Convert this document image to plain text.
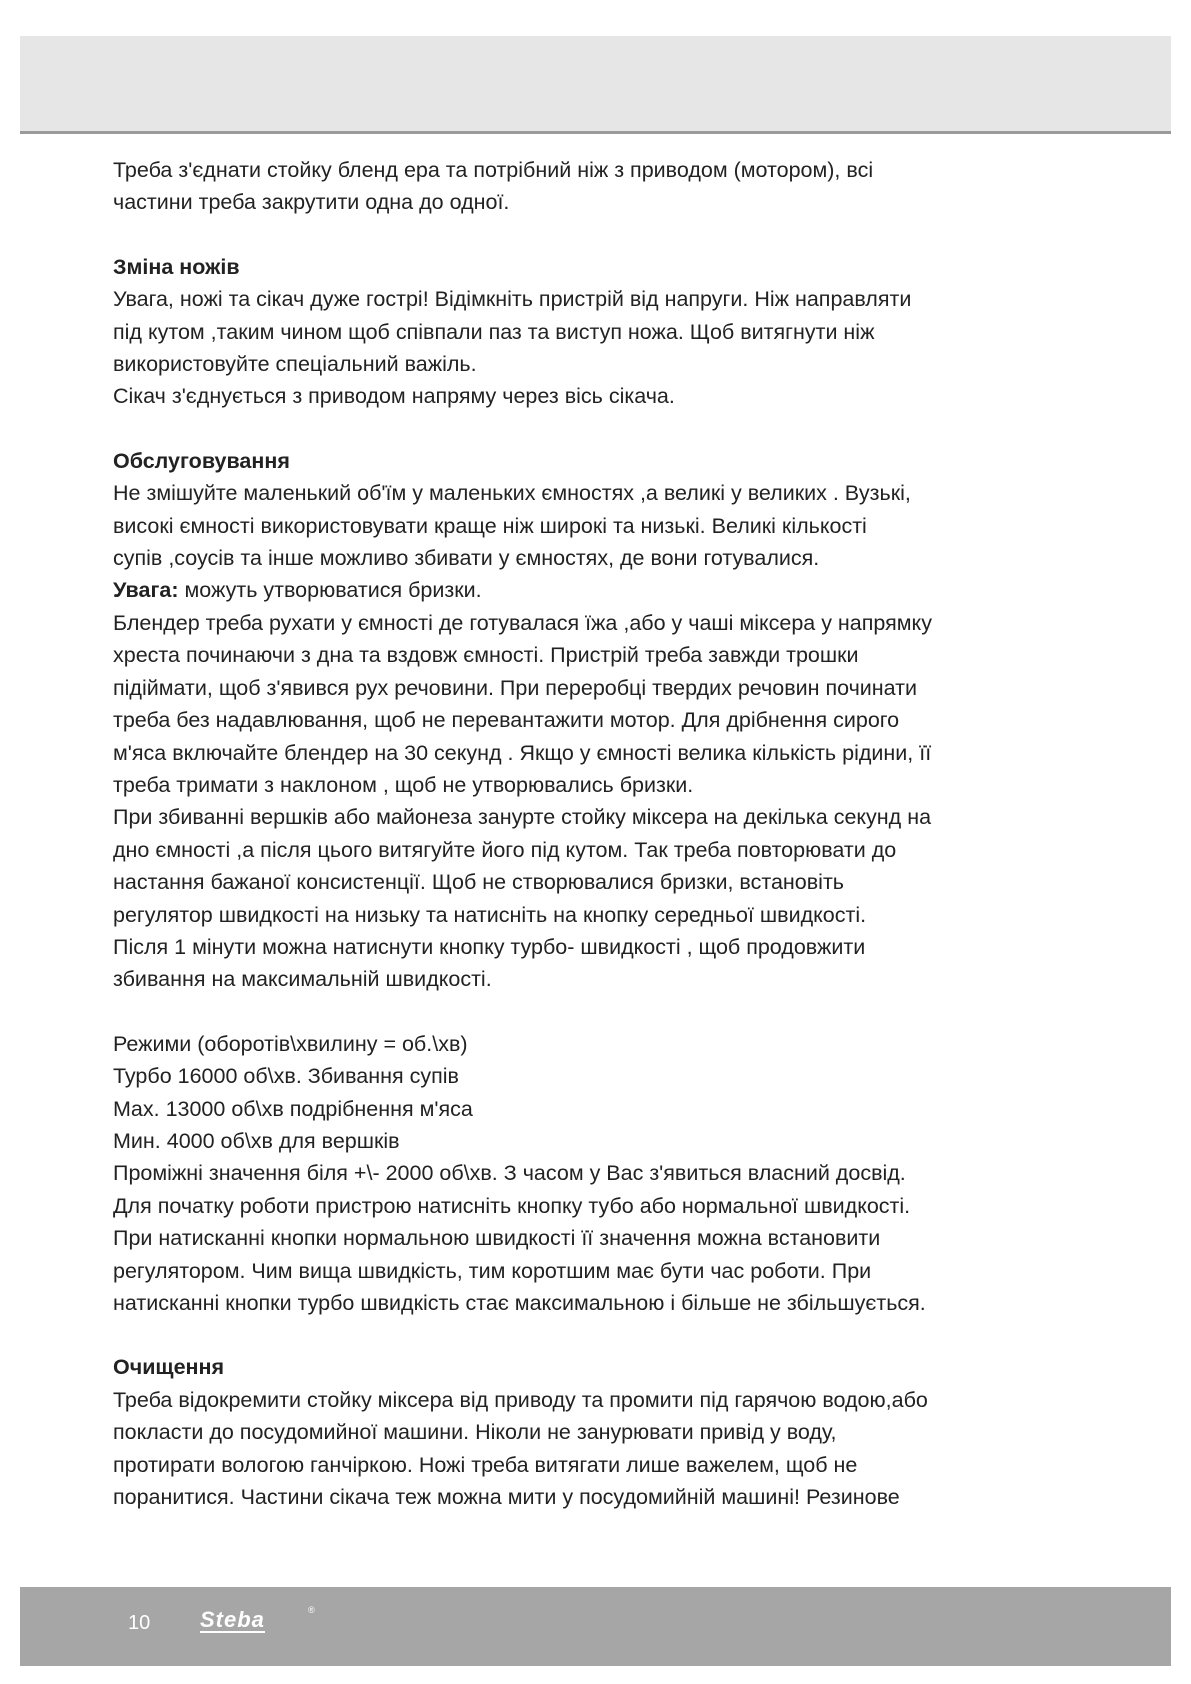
Треба з'єднати стойку бленд ера та потрібний ніж з приводом (мотором), всі

частини треба закрутити одна до одної.

Зміна ножів

Увага, ножі та сікач дуже гострі! Відімкніть пристрій від напруги. Ніж направляти

під кутом ,таким чином щоб співпали паз та виступ ножа. Щоб витягнути ніж

використовуйте спеціальний важіль.

Сікач з'єднується з приводом напряму через вісь сікача.

Обслуговування

Не змішуйте маленький об'їм у маленьких ємностях ,а великі у великих . Вузькі,

високі ємності використовувати краще ніж широкі та низькі. Великі кількості

супів ,соусів та інше можливо збивати у ємностях, де вони готувалися.

Увага: можуть утворюватися бризки.

Блендер треба рухати у ємності де готувалася їжа ,або у чаші міксера у напрямку

хреста починаючи з дна та вздовж ємності. Пристрій треба завжди трошки

підіймати, щоб з'явився рух речовини. При переробці твердих речовин починати

треба без надавлювання, щоб не перевантажити мотор. Для дрібнення сирого

м'яса включайте блендер на 30 секунд . Якщо у ємності велика кількість рідини, її

треба тримати з наклоном , щоб не утворювались бризки.

При збиванні вершків або майонеза занурте стойку міксера на декілька секунд на

дно ємності ,а після цього витягуйте його під кутом. Так треба повторювати до

настання бажаної консистенції. Щоб не створювалися бризки, встановіть

регулятор швидкості на низьку та натисніть на кнопку середньої швидкості.

Після 1 мінути можна натиснути кнопку турбо- швидкості , щоб продовжити

збивання на максимальній швидкості.

Режими (оборотів\хвилину = об.\хв)

Турбо 16000 об\хв. Збивання супів

Max. 13000 об\хв подрібнення м'яса

Мин. 4000 об\хв для вершків

Проміжні значення біля +\- 2000 об\хв. З часом у Вас з'явиться власний досвід.

Для початку роботи пристрою натисніть кнопку тубо або нормальної швидкості.

При натисканні кнопки нормальною швидкості її значення можна встановити

регулятором. Чим вища швидкість, тим коротшим має бути час роботи. При

натисканні кнопки турбо швидкість стає максимальною і більше не збільшується.

Очищення

Треба відокремити стойку міксера від приводу та промити під гарячою водою,або

покласти до посудомийної машини. Ніколи не занурювати привід у воду,

протирати вологою ганчіркою. Ножі треба витягати лише важелем, щоб не

поранитися. Частини сікача теж можна мити у посудомийній машині! Резинове

10 Steba	®
